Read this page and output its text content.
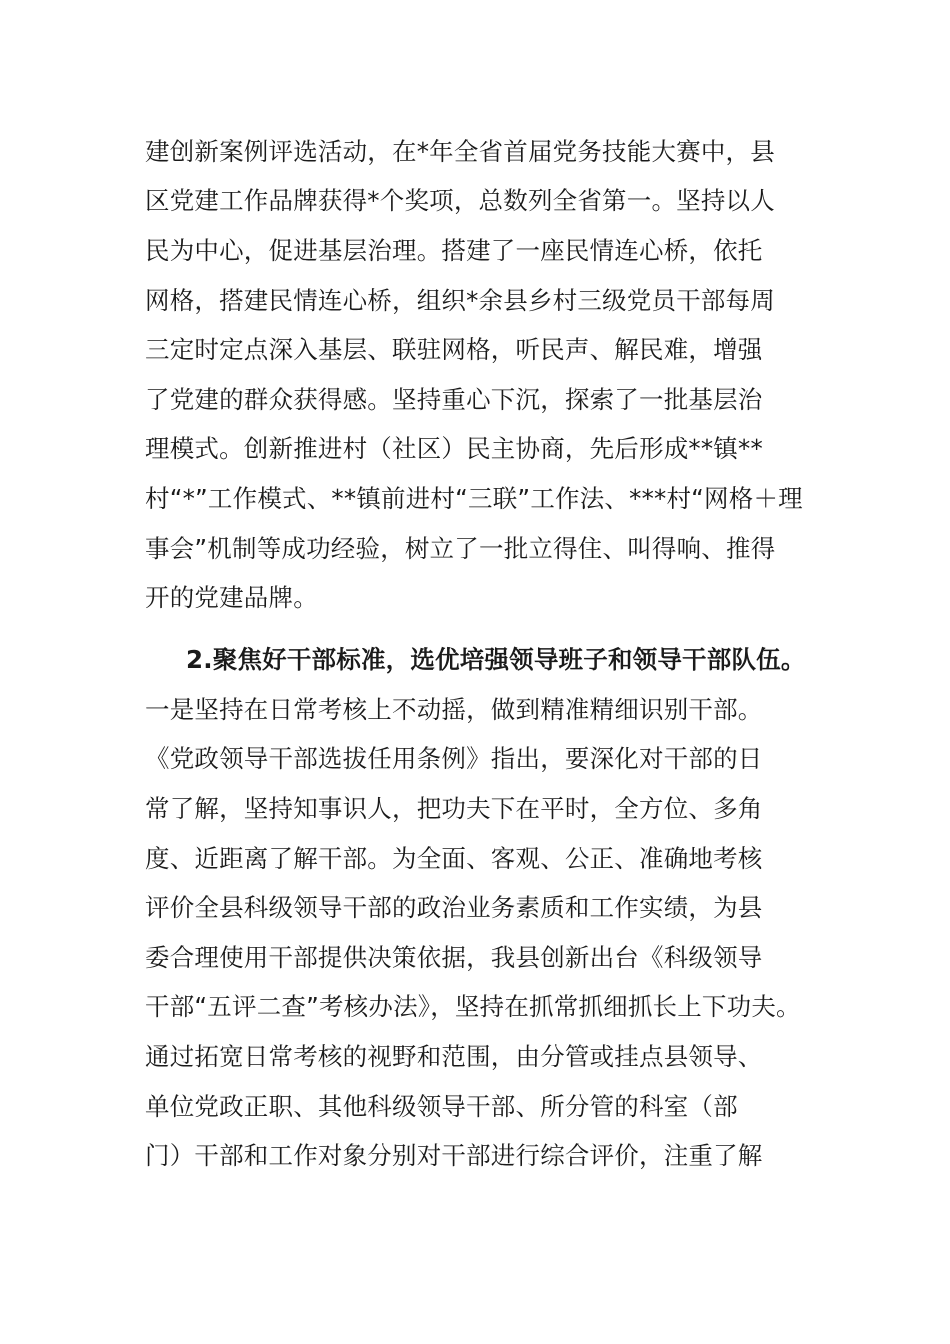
建创新案例评选活动，在*年全省首届党务技能大赛中，县
区党建工作品牌获得*个奖项，总数列全省第一。坚持以人
民为中心，促进基层治理。搭建了一座民情连心桥，依托
网格，搭建民情连心桥，组织*余县乡村三级党员干部每周
三定时定点深入基层、联驻网格，听民声、解民难，增强
了党建的群众获得感。坚持重心下沉，探索了一批基层治
理模式。创新推进村（社区）民主协商，先后形成**镇**
村“*”工作模式、**镇前进村“三联”工作法、***村“网格＋理
事会”机制等成功经验，树立了一批立得住、叫得响、推得
开的党建品牌。
2.聚焦好干部标准，选优培强领导班子和领导干部队伍。
一是坚持在日常考核上不动摇，做到精准精细识别干部。
《党政领导干部选拔任用条例》指出，要深化对干部的日
常了解，坚持知事识人，把功夫下在平时，全方位、多角
度、近距离了解干部。为全面、客观、公正、准确地考核
评价全县科级领导干部的政治业务素质和工作实绩，为县
委合理使用干部提供决策依据，我县创新出台《科级领导
干部“五评二查”考核办法》，坚持在抓常抓细抓长上下功夫。
通过拓宽日常考核的视野和范围，由分管或挂点县领导、
单位党政正职、其他科级领导干部、所分管的科室（部
门）干部和工作对象分别对干部进行综合评价，注重了解
